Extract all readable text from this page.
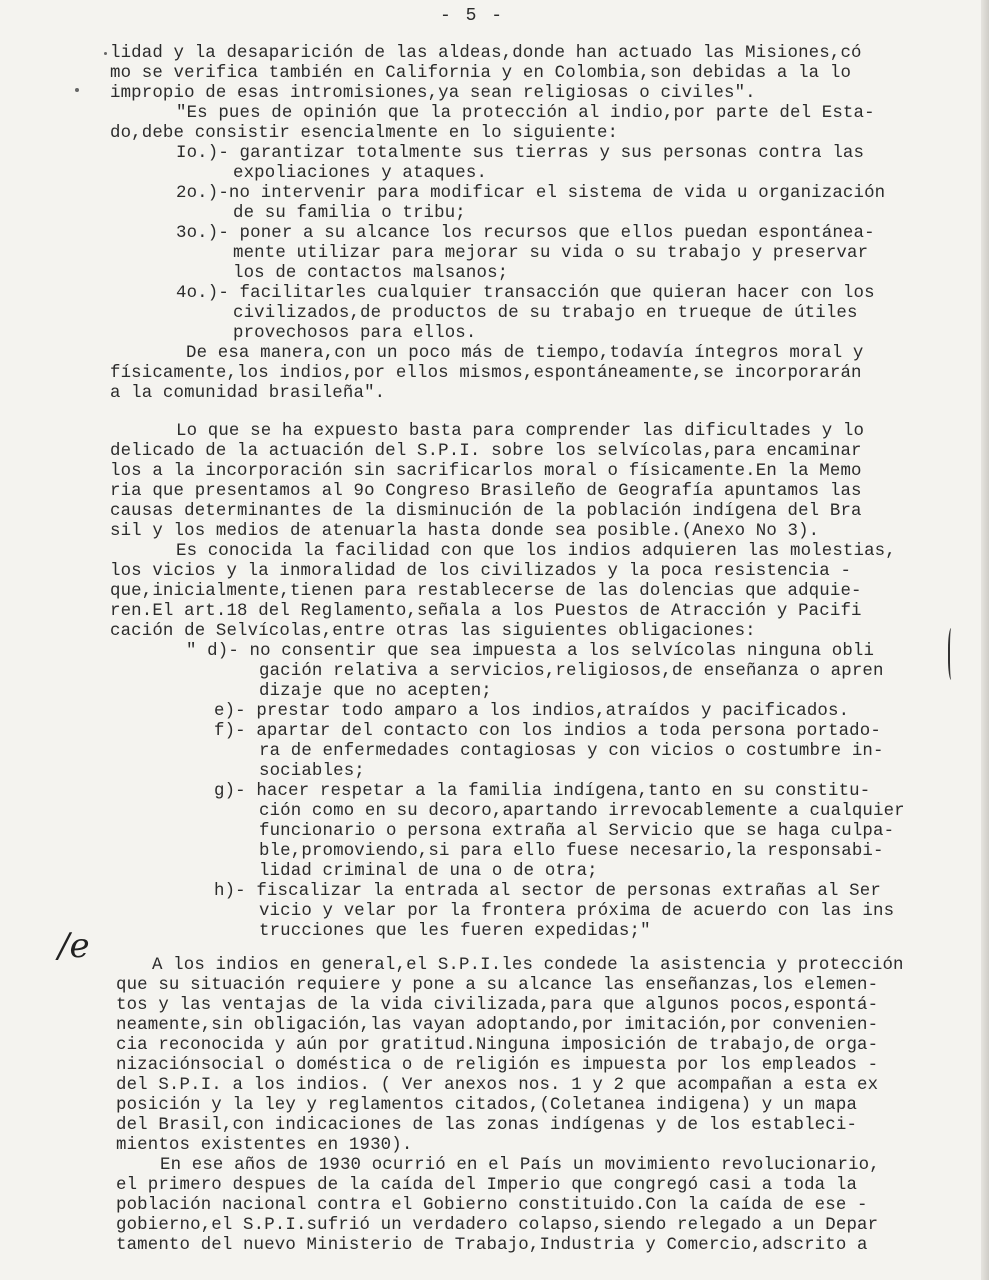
- 5 -
lidad y la desaparición de las aldeas,donde han actuado las Misiones,có
mo se verifica también en California y en Colombia,son debidas a la lo
impropio de esas intromisiones,ya sean religiosas o civiles".
"Es pues de opinión que la protección al indio,por parte del Esta-
do,debe consistir esencialmente en lo siguiente:
Io.)- garantizar totalmente sus tierras y sus personas contra las
expoliaciones y ataques.
2o.)-no intervenir para modificar el sistema de vida u organización
de su familia o tribu;
3o.)- poner a su alcance los recursos que ellos puedan espontánea-
mente utilizar para mejorar su vida o su trabajo y preservar
los de contactos malsanos;
4o.)- facilitarles cualquier transacción que quieran hacer con los
civilizados,de productos de su trabajo en trueque de útiles
provechosos para ellos.
De esa manera,con un poco más de tiempo,todavía íntegros moral y
físicamente,los indios,por ellos mismos,espontáneamente,se incorporarán
a la comunidad brasileña".
Lo que se ha expuesto basta para comprender las dificultades y lo
delicado de la actuación del S.P.I. sobre los selvícolas,para encaminar
los a la incorporación sin sacrificarlos moral o físicamente.En la Memo
ria que presentamos al 9o Congreso Brasileño de Geografía apuntamos las
causas determinantes de la disminución de la población indígena del Bra
sil y los medios de atenuarla hasta donde sea posible.(Anexo No 3).
Es conocida la facilidad con que los indios adquieren las molestias,
los vicios y la inmoralidad de los civilizados y la poca resistencia -
que,inicialmente,tienen para restablecerse de las dolencias que adquie-
ren.El art.18 del Reglamento,señala a los Puestos de Atracción y Pacifi
cación de Selvícolas,entre otras las siguientes obligaciones:
" d)- no consentir que sea impuesta a los selvícolas ninguna obli
gación relativa a servicios,religiosos,de enseñanza o apren
dizaje que no acepten;
e)- prestar todo amparo a los indios,atraídos y pacificados.
f)- apartar del contacto con los indios a toda persona portado-
ra de enfermedades contagiosas y con vicios o costumbre in-
sociables;
g)- hacer respetar a la familia indígena,tanto en su constitu-
ción como en su decoro,apartando irrevocablemente a cualquier
funcionario o persona extraña al Servicio que se haga culpa-
ble,promoviendo,si para ello fuese necesario,la responsabi-
lidad criminal de una o de otra;
h)- fiscalizar la entrada al sector de personas extrañas al Ser
vicio y velar por la frontera próxima de acuerdo con las ins
trucciones que les fueren expedidas;"
A los indios en general,el S.P.I.les condede la asistencia y protección
que su situación requiere y pone a su alcance las enseñanzas,los elemen-
tos y las ventajas de la vida civilizada,para que algunos pocos,espontá-
neamente,sin obligación,las vayan adoptando,por imitación,por convenien-
cia reconocida y aún por gratitud.Ninguna imposición de trabajo,de orga-
nizaciónsocial o doméstica o de religión es impuesta por los empleados -
del S.P.I. a los indios. ( Ver anexos nos. 1 y 2 que acompañan a esta ex
posición y la ley y reglamentos citados,(Coletanea indigena) y un mapa
del Brasil,con indicaciones de las zonas indígenas y de los estableci-
mientos existentes en 1930).
En ese años de 1930 ocurrió en el País un movimiento revolucionario,
el primero despues de la caída del Imperio que congregó casi a toda la
población nacional contra el Gobierno constituido.Con la caída de ese -
gobierno,el S.P.I.sufrió un verdadero colapso,siendo relegado a un Depar
tamento del nuevo Ministerio de Trabajo,Industria y Comercio,adscrito a
/e
